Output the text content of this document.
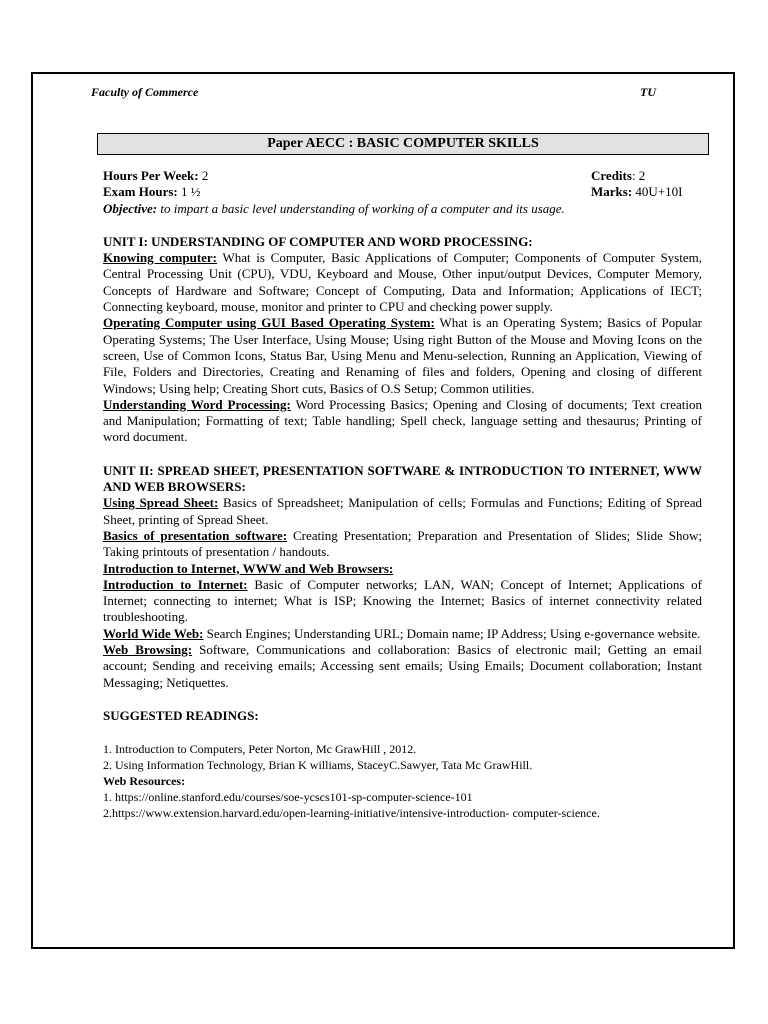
Faculty of Commerce	TU
Paper AECC : BASIC COMPUTER SKILLS
Hours Per Week: 2	Credits: 2
Exam Hours: 1 ½	Marks: 40U+10I

Objective: to impart a basic level understanding of working of a computer and its usage.

UNIT I: UNDERSTANDING OF COMPUTER AND WORD PROCESSING:

Knowing computer: What is Computer, Basic Applications of Computer; Components of Computer System, Central Processing Unit (CPU), VDU, Keyboard and Mouse, Other input/output Devices, Computer Memory, Concepts of Hardware and Software; Concept of Computing, Data and Information; Applications of IECT; Connecting keyboard, mouse, monitor and printer to CPU and checking power supply.

Operating Computer using GUI Based Operating System: What is an Operating System; Basics of Popular Operating Systems; The User Interface, Using Mouse; Using right Button of the Mouse and Moving Icons on the screen, Use of Common Icons, Status Bar, Using Menu and Menu-selection, Running an Application, Viewing of File, Folders and Directories, Creating and Renaming of files and folders, Opening and closing of different Windows; Using help; Creating Short cuts, Basics of O.S Setup; Common utilities.

Understanding Word Processing: Word Processing Basics; Opening and Closing of documents; Text creation and Manipulation; Formatting of text; Table handling; Spell check, language setting and thesaurus; Printing of word document.

UNIT II: SPREAD SHEET, PRESENTATION SOFTWARE & INTRODUCTION TO INTERNET, WWW AND WEB BROWSERS:

Using Spread Sheet: Basics of Spreadsheet; Manipulation of cells; Formulas and Functions; Editing of Spread Sheet, printing of Spread Sheet.

Basics of presentation software: Creating Presentation; Preparation and Presentation of Slides; Slide Show; Taking printouts of presentation / handouts.

Introduction to Internet, WWW and Web Browsers:

Introduction to Internet: Basic of Computer networks; LAN, WAN; Concept of Internet; Applications of Internet; connecting to internet; What is ISP; Knowing the Internet; Basics of internet connectivity related troubleshooting.

World Wide Web: Search Engines; Understanding URL; Domain name; IP Address; Using e-governance website.

Web Browsing: Software, Communications and collaboration: Basics of electronic mail; Getting an email account; Sending and receiving emails; Accessing sent emails; Using Emails; Document collaboration; Instant Messaging; Netiquettes.

SUGGESTED READINGS:

1. Introduction to Computers, Peter Norton, Mc GrawHill , 2012.

2. Using Information Technology, Brian K williams, StaceyC.Sawyer, Tata Mc GrawHill.

Web Resources:

1. https://online.stanford.edu/courses/soe-ycscs101-sp-computer-science-101

2.https://www.extension.harvard.edu/open-learning-initiative/intensive-introduction- computer-science.
